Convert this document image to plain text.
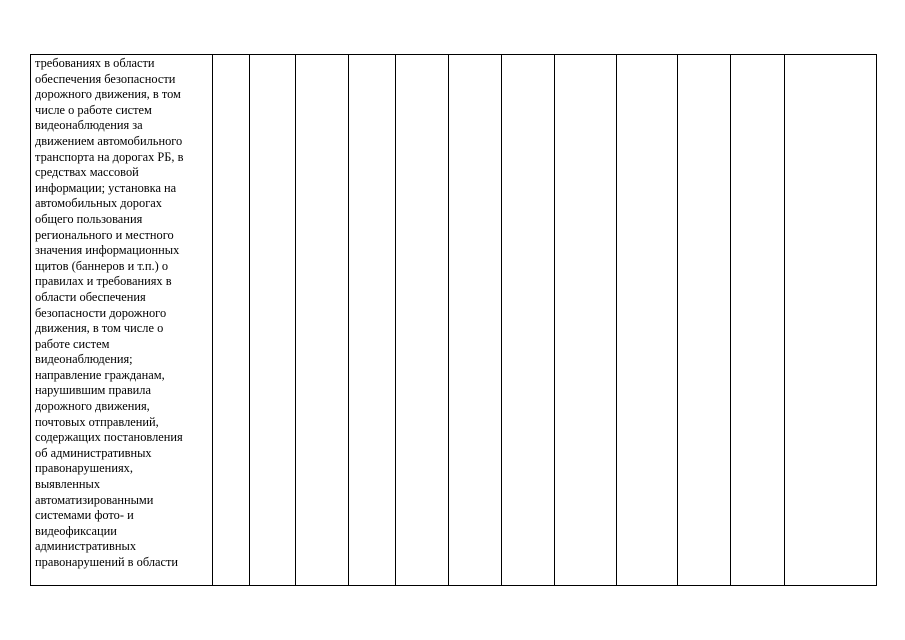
требованиях в области
обеспечения безопасности
дорожного движения, в том
числе о работе систем
видеонаблюдения за
движением автомобильного
транспорта на дорогах РБ, в
средствах массовой
информации; установка на
автомобильных дорогах
общего пользования
регионального и местного
значения информационных
щитов (баннеров и т.п.) о
правилах и требованиях в
области обеспечения
безопасности дорожного
движения, в том числе о
работе систем
видеонаблюдения;
направление гражданам,
нарушившим правила
дорожного движения,
почтовых отправлений,
содержащих постановления
об административных
правонарушениях,
выявленных
автоматизированными
системами фото- и
видеофиксации
административных
правонарушений в области
